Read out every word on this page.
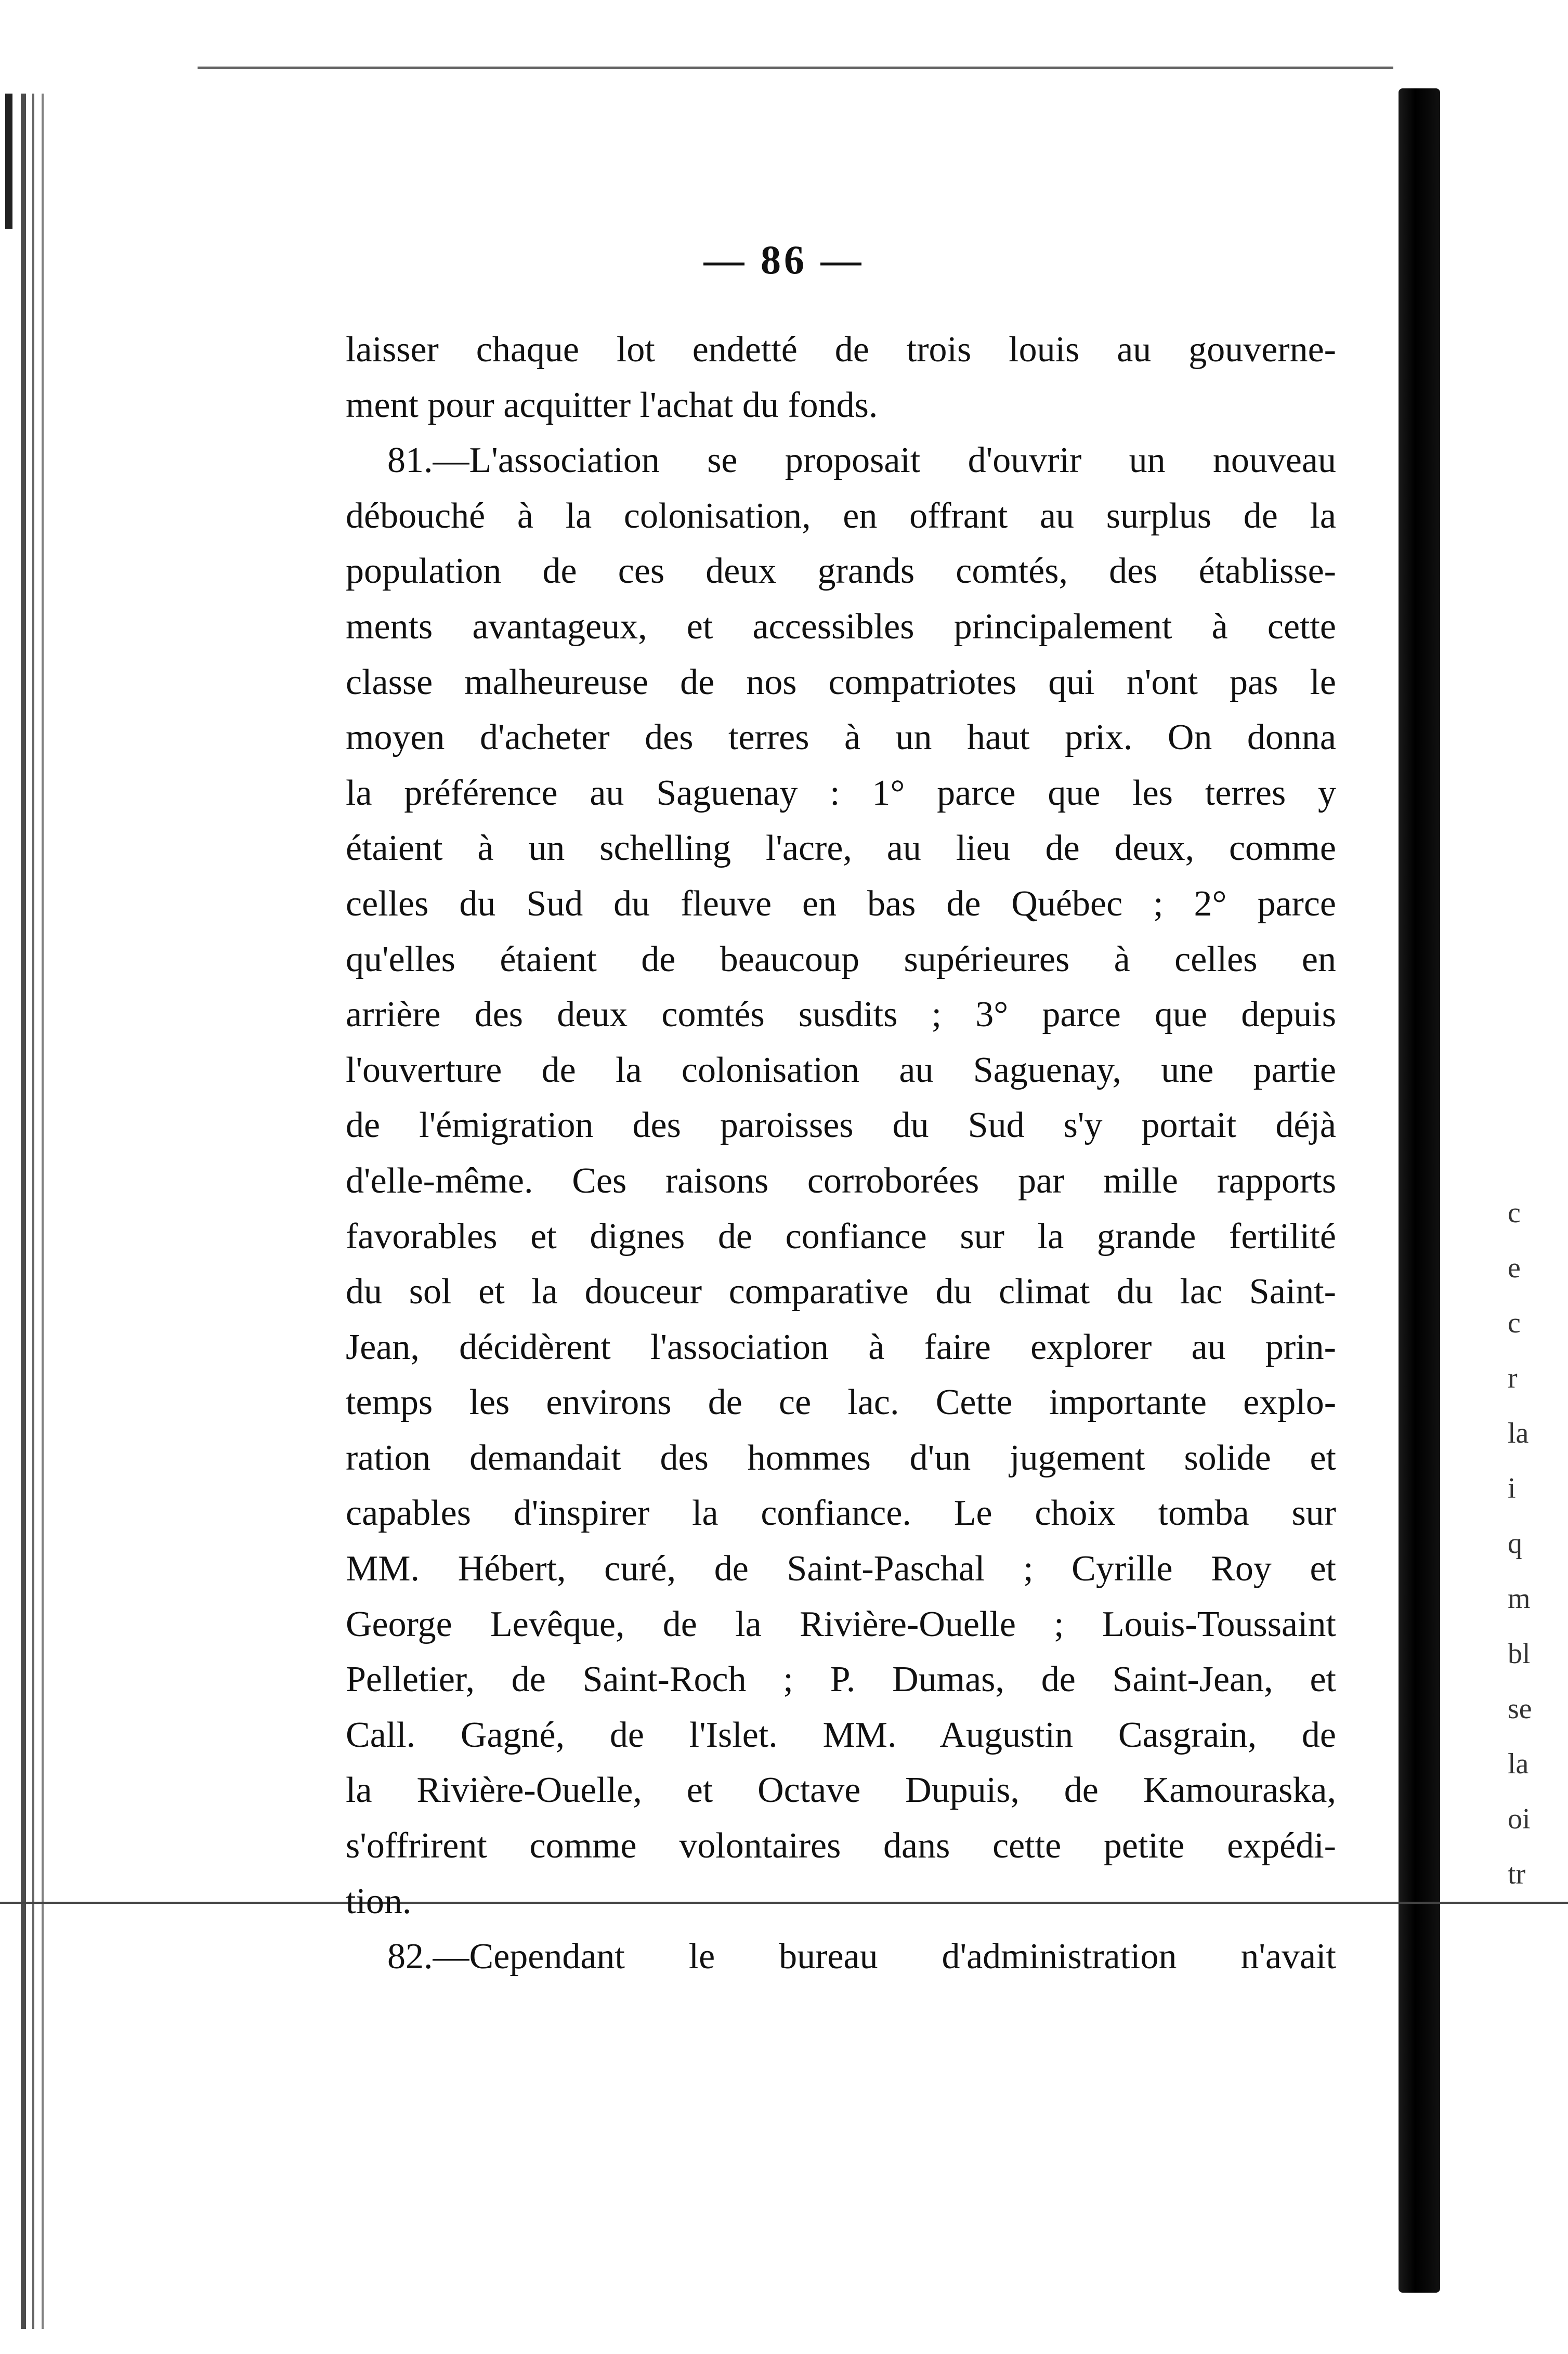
— 86 —
laisser chaque lot endetté de trois louis au gouverne-
ment pour acquitter l'achat du fonds.
81.—L'association se proposait d'ouvrir un nouveau
débouché à la colonisation, en offrant au surplus de la
population de ces deux grands comtés, des établisse-
ments avantageux, et accessibles principalement à cette
classe malheureuse de nos compatriotes qui n'ont pas le
moyen d'acheter des terres à un haut prix. On donna
la préférence au Saguenay : 1° parce que les terres y
étaient à un schelling l'acre, au lieu de deux, comme
celles du Sud du fleuve en bas de Québec ; 2° parce
qu'elles étaient de beaucoup supérieures à celles en
arrière des deux comtés susdits ; 3° parce que depuis
l'ouverture de la colonisation au Saguenay, une partie
de l'émigration des paroisses du Sud s'y portait déjà
d'elle-même. Ces raisons corroborées par mille rapports
favorables et dignes de confiance sur la grande fertilité
du sol et la douceur comparative du climat du lac Saint-
Jean, décidèrent l'association à faire explorer au prin-
temps les environs de ce lac. Cette importante explo-
ration demandait des hommes d'un jugement solide et
capables d'inspirer la confiance. Le choix tomba sur
MM. Hébert, curé, de Saint-Paschal ; Cyrille Roy et
George Levêque, de la Rivière-Ouelle ; Louis-Toussaint
Pelletier, de Saint-Roch ; P. Dumas, de Saint-Jean, et
Call. Gagné, de l'Islet. MM. Augustin Casgrain, de
la Rivière-Ouelle, et Octave Dupuis, de Kamouraska,
s'offrirent comme volontaires dans cette petite expédi-
tion.
82.—Cependant le bureau d'administration n'avait
c
e
c
r
la
i
q
m
bl
se
la
oi
tr
